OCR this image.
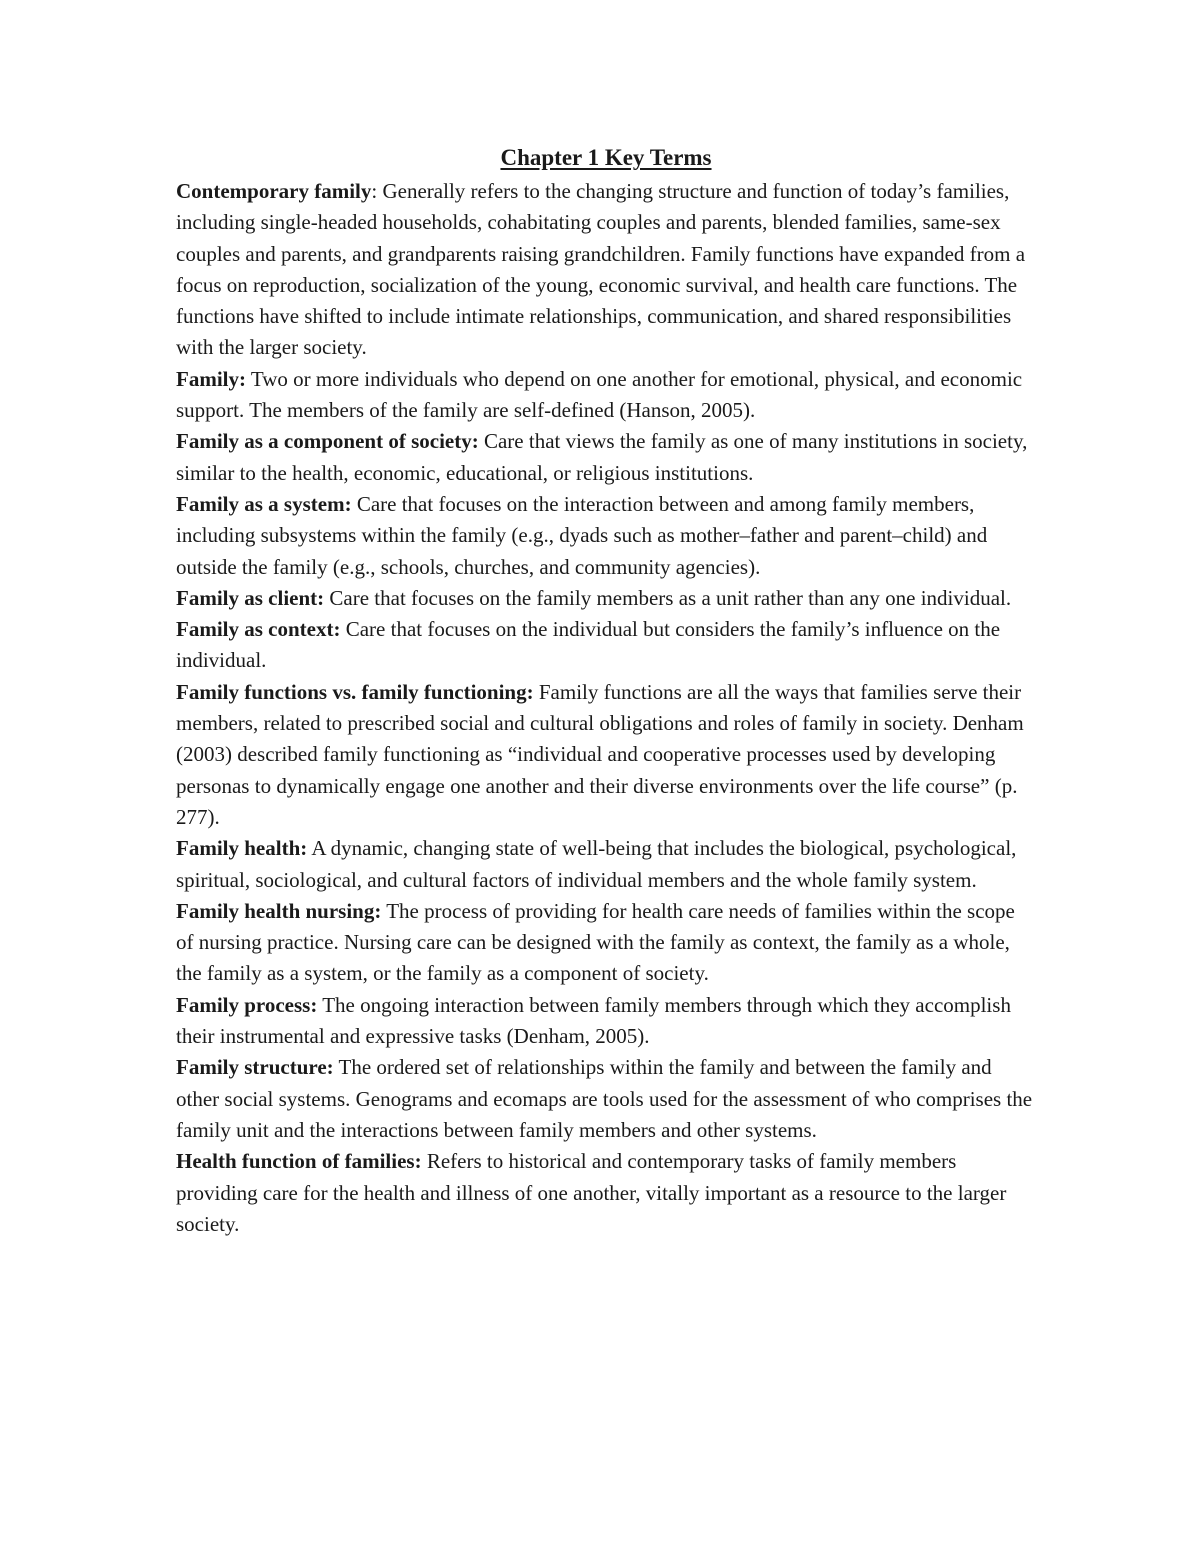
Chapter 1 Key Terms
Contemporary family: Generally refers to the changing structure and function of today’s families, including single-headed households, cohabitating couples and parents, blended families, same-sex couples and parents, and grandparents raising grandchildren. Family functions have expanded from a focus on reproduction, socialization of the young, economic survival, and health care functions. The functions have shifted to include intimate relationships, communication, and shared responsibilities with the larger society.
Family: Two or more individuals who depend on one another for emotional, physical, and economic support. The members of the family are self-defined (Hanson, 2005).
Family as a component of society: Care that views the family as one of many institutions in society, similar to the health, economic, educational, or religious institutions.
Family as a system: Care that focuses on the interaction between and among family members, including subsystems within the family (e.g., dyads such as mother–father and parent–child) and outside the family (e.g., schools, churches, and community agencies).
Family as client: Care that focuses on the family members as a unit rather than any one individual.
Family as context: Care that focuses on the individual but considers the family’s influence on the individual.
Family functions vs. family functioning: Family functions are all the ways that families serve their members, related to prescribed social and cultural obligations and roles of family in society. Denham (2003) described family functioning as “individual and cooperative processes used by developing personas to dynamically engage one another and their diverse environments over the life course” (p. 277).
Family health: A dynamic, changing state of well-being that includes the biological, psychological, spiritual, sociological, and cultural factors of individual members and the whole family system.
Family health nursing: The process of providing for health care needs of families within the scope of nursing practice. Nursing care can be designed with the family as context, the family as a whole, the family as a system, or the family as a component of society.
Family process: The ongoing interaction between family members through which they accomplish their instrumental and expressive tasks (Denham, 2005).
Family structure: The ordered set of relationships within the family and between the family and other social systems. Genograms and ecomaps are tools used for the assessment of who comprises the family unit and the interactions between family members and other systems.
Health function of families: Refers to historical and contemporary tasks of family members providing care for the health and illness of one another, vitally important as a resource to the larger society.
